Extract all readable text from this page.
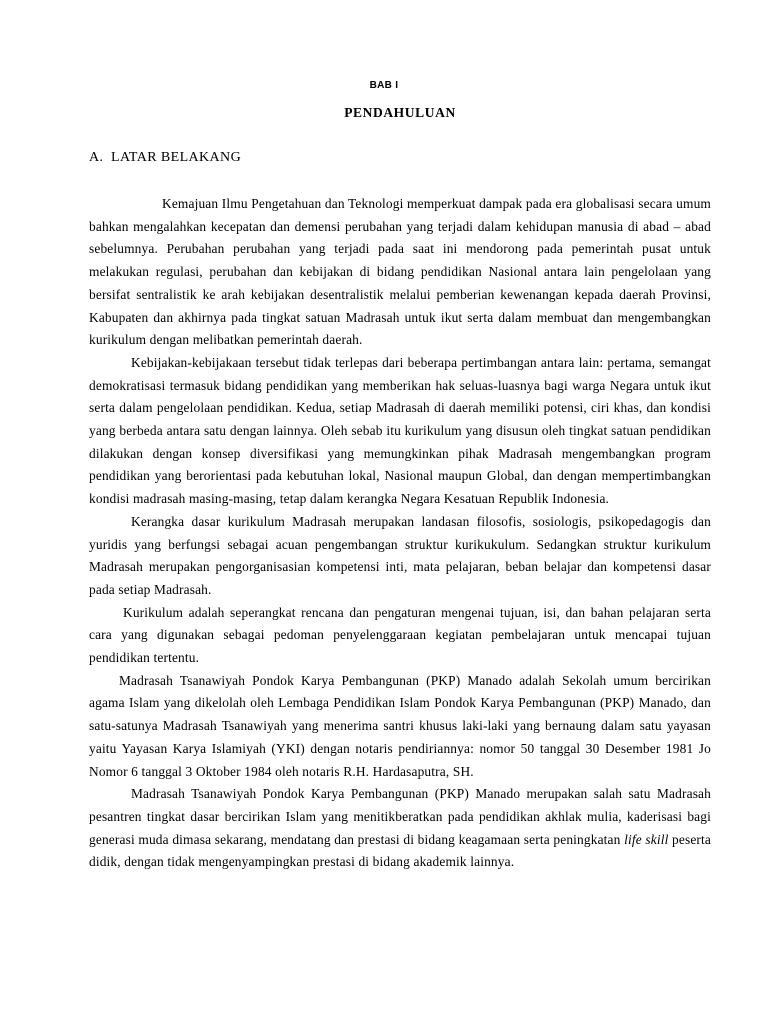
BAB I
PENDAHULUAN
A. LATAR BELAKANG

Kemajuan Ilmu Pengetahuan dan Teknologi memperkuat dampak pada era globalisasi secara umum bahkan mengalahkan kecepatan dan demensi perubahan yang terjadi dalam kehidupan manusia di abad – abad sebelumnya. Perubahan perubahan yang terjadi pada saat ini mendorong pada pemerintah pusat untuk melakukan regulasi, perubahan dan kebijakan di bidang pendidikan Nasional antara lain pengelolaan yang bersifat sentralistik ke arah kebijakan desentralistik melalui pemberian kewenangan kepada daerah Provinsi, Kabupaten dan akhirnya pada tingkat satuan Madrasah untuk ikut serta dalam membuat dan mengembangkan kurikulum dengan melibatkan pemerintah daerah.

Kebijakan-kebijakaan tersebut tidak terlepas dari beberapa pertimbangan antara lain: pertama, semangat demokratisasi termasuk bidang pendidikan yang memberikan hak seluas-luasnya bagi warga Negara untuk ikut serta dalam pengelolaan pendidikan. Kedua, setiap Madrasah di daerah memiliki potensi, ciri khas, dan kondisi yang berbeda antara satu dengan lainnya. Oleh sebab itu kurikulum yang disusun oleh tingkat satuan pendidikan dilakukan dengan konsep diversifikasi yang memungkinkan pihak Madrasah mengembangkan program pendidikan yang berorientasi pada kebutuhan lokal, Nasional maupun Global, dan dengan mempertimbangkan kondisi madrasah masing-masing, tetap dalam kerangka Negara Kesatuan Republik Indonesia.

Kerangka dasar kurikulum Madrasah merupakan landasan filosofis, sosiologis, psikopedagogis dan yuridis yang berfungsi sebagai acuan pengembangan struktur kurikukulum. Sedangkan struktur kurikulum Madrasah merupakan pengorganisasian kompetensi inti, mata pelajaran, beban belajar dan kompetensi dasar pada setiap Madrasah.

Kurikulum adalah seperangkat rencana dan pengaturan mengenai tujuan, isi, dan bahan pelajaran serta cara yang digunakan sebagai pedoman penyelenggaraan kegiatan pembelajaran untuk mencapai tujuan pendidikan tertentu.

Madrasah Tsanawiyah Pondok Karya Pembangunan (PKP) Manado adalah Sekolah umum bercirikan agama Islam yang dikelolah oleh Lembaga Pendidikan Islam Pondok Karya Pembangunan (PKP) Manado, dan satu-satunya Madrasah Tsanawiyah yang menerima santri khusus laki-laki yang bernaung dalam satu yayasan yaitu Yayasan Karya Islamiyah (YKI) dengan notaris pendiriannya: nomor 50 tanggal 30 Desember 1981 Jo Nomor 6 tanggal 3 Oktober 1984 oleh notaris R.H. Hardasaputra, SH.

Madrasah Tsanawiyah Pondok Karya Pembangunan (PKP) Manado merupakan salah satu Madrasah pesantren tingkat dasar bercirikan Islam yang menitikberatkan pada pendidikan akhlak mulia, kaderisasi bagi generasi muda dimasa sekarang, mendatang dan prestasi di bidang keagamaan serta peningkatan life skill peserta didik, dengan tidak mengenyampingkan prestasi di bidang akademik lainnya.
